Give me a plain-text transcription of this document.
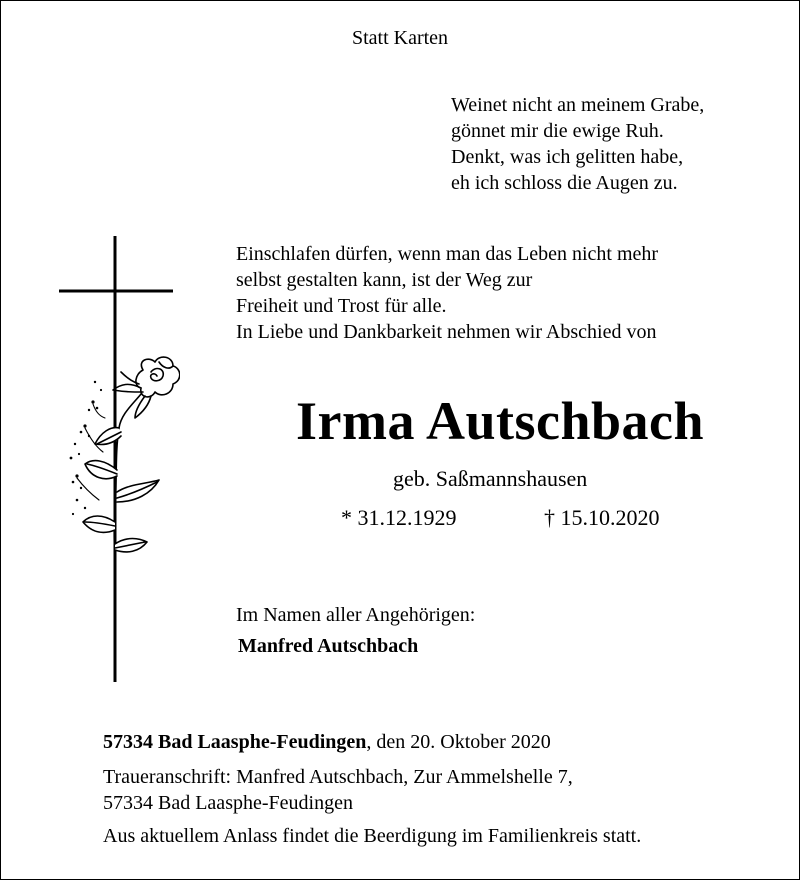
Statt Karten
Weinet nicht an meinem Grabe,
gönnet mir die ewige Ruh.
Denkt, was ich gelitten habe,
eh ich schloss die Augen zu.
Einschlafen dürfen, wenn man das Leben nicht mehr
selbst gestalten kann, ist der Weg zur
Freiheit und Trost für alle.
In Liebe und Dankbarkeit nehmen wir Abschied von
Irma Autschbach
geb. Saßmannshausen
* 31.12.1929	† 15.10.2020
Im Namen aller Angehörigen:
Manfred Autschbach
57334 Bad Laasphe-Feudingen, den 20. Oktober 2020
Traueranschrift: Manfred Autschbach, Zur Ammelshelle 7,
57334 Bad Laasphe-Feudingen
Aus aktuellem Anlass findet die Beerdigung im Familienkreis statt.
